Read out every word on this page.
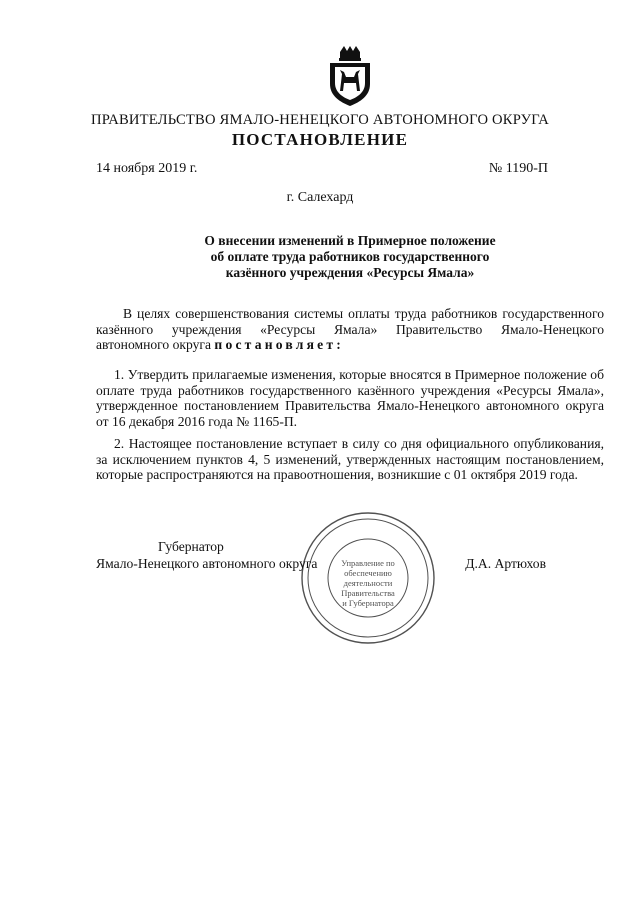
ПРАВИТЕЛЬСТВО ЯМАЛО-НЕНЕЦКОГО АВТОНОМНОГО ОКРУГА
ПОСТАНОВЛЕНИЕ
14 ноября 2019 г.	№ 1190-П
г. Салехард
О внесении изменений в Примерное положение
об оплате труда работников государственного
казённого учреждения «Ресурсы Ямала»
В целях совершенствования системы оплаты труда работников государственного казённого учреждения «Ресурсы Ямала» Правительство Ямало-Ненецкого автономного округа постановляет:
1. Утвердить прилагаемые изменения, которые вносятся в Примерное положение об оплате труда работников государственного казённого учреждения «Ресурсы Ямала», утвержденное постановлением Правительства Ямало-Ненецкого автономного округа от 16 декабря 2016 года № 1165-П.
2. Настоящее постановление вступает в силу со дня официального опубликования, за исключением пунктов 4, 5 изменений, утвержденных настоящим постановлением, которые распространяются на правоотношения, возникшие с 01 октября 2019 года.
Управление по
обеспечению
деятельности
Правительства
и Губернатора
Губернатор
Ямало-Ненецкого автономного округа	Д.А. Артюхов
